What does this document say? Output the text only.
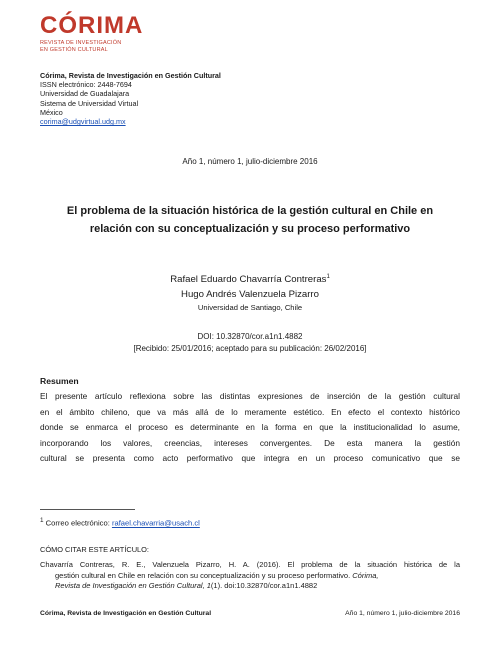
CÓRIMA
REVISTA DE INVESTIGACIÓN
EN GESTIÓN CULTURAL
Córima, Revista de Investigación en Gestión Cultural
ISSN electrónico: 2448-7694
Universidad de Guadalajara
Sistema de Universidad Virtual
México
corima@udgvirtual.udg.mx
Año 1, número 1, julio-diciembre 2016
El problema de la situación histórica de la gestión cultural en Chile en
relación con su conceptualización y su proceso performativo
Rafael Eduardo Chavarría Contreras$^1$
Hugo Andrés Valenzuela Pizarro
Universidad de Santiago, Chile
DOI: 10.32870/cor.a1n1.4882
[Recibido: 25/01/2016; aceptado para su publicación: 26/02/2016]
Resumen
El presente artículo reflexiona sobre las distintas expresiones de inserción de la gestión cultural
en el ámbito chileno, que va más allá de lo meramente estético. En efecto el contexto histórico
donde se enmarca el proceso es determinante en la forma en que la institucionalidad lo asume,
incorporando los valores, creencias, intereses convergentes. De esta manera la gestión
cultural se presenta como acto performativo que integra en un proceso comunicativo que se
$^1$ Correo electrónico: rafael.chavarria@usach.cl
CÓMO CITAR ESTE ARTÍCULO:
Chavarría Contreras, R. E., Valenzuela Pizarro, H. A. (2016). El problema de la situación histórica de la
gestión cultural en Chile en relación con su conceptualización y su proceso performativo. Córima,
Revista de Investigación en Gestión Cultural, 1(1). doi:10.32870/cor.a1n1.4882
Córima, Revista de Investigación en Gestión Cultural	Año 1, número 1, julio-diciembre 2016
